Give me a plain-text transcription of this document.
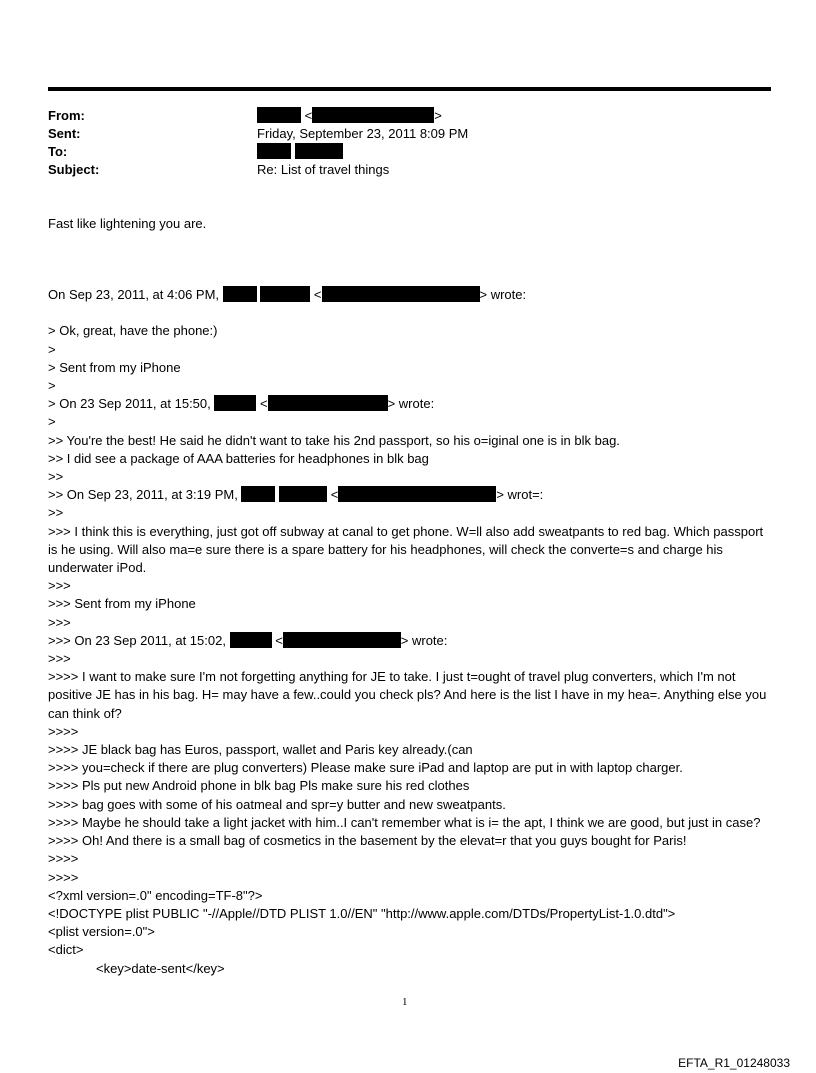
From:	<	>
Sent:	Friday, September 23, 2011 8:09 PM
To:

Subject:	Re: List of travel things
Fast like lightening you are.
On Sep 23, 2011, at 4:06 PM,	<	> wrote:

> Ok, great, have the phone:)
>
> Sent from my iPhone
>
> On 23 Sep 2011, at 15:50,	<	> wrote:
>
>> You're the best! He said he didn't want to take his 2nd passport, so his o=iginal one is in blk bag.
>> I did see a package of AAA batteries for headphones in blk bag
>>
>> On Sep 23, 2011, at 3:19 PM,	<	> wrot=:
>>
>>> I think this is everything, just got off subway at canal to get phone. W=ll also add sweatpants to red bag. Which passport is he using. Will also ma=e sure there is a spare battery for his headphones, will check the converte=s and charge his underwater iPod.
>>>
>>> Sent from my iPhone
>>>
>>> On 23 Sep 2011, at 15:02,	<	> wrote:
>>>
>>>> I want to make sure I'm not forgetting anything for JE to take. I just t=ought of travel plug converters, which I'm not positive JE has in his bag. H= may have a few..could you check pls? And here is the list I have in my hea=. Anything else you can think of?
>>>>
>>>> JE black bag has Euros, passport, wallet and Paris key already.(can
>>>> you=check if there are plug converters) Please make sure iPad and laptop are put in with laptop charger.
>>>> Pls put new Android phone in blk bag Pls make sure his red clothes
>>>> bag goes with some of his oatmeal and spr=y butter and new sweatpants.
>>>> Maybe he should take a light jacket with him..I can't remember what is i= the apt, I think we are good, but just in case?
>>>> Oh! And there is a small bag of cosmetics in the basement by the elevat=r that you guys bought for Paris!
>>>>
>>>>
<?xml version=.0" encoding=TF-8"?>
<!DOCTYPE plist PUBLIC "-//Apple//DTD PLIST 1.0//EN" "http://www.apple.com/DTDs/PropertyList-1.0.dtd">
<plist version=.0">
<dict>
<key>date-sent</key>
1
EFTA_R1_01248033
